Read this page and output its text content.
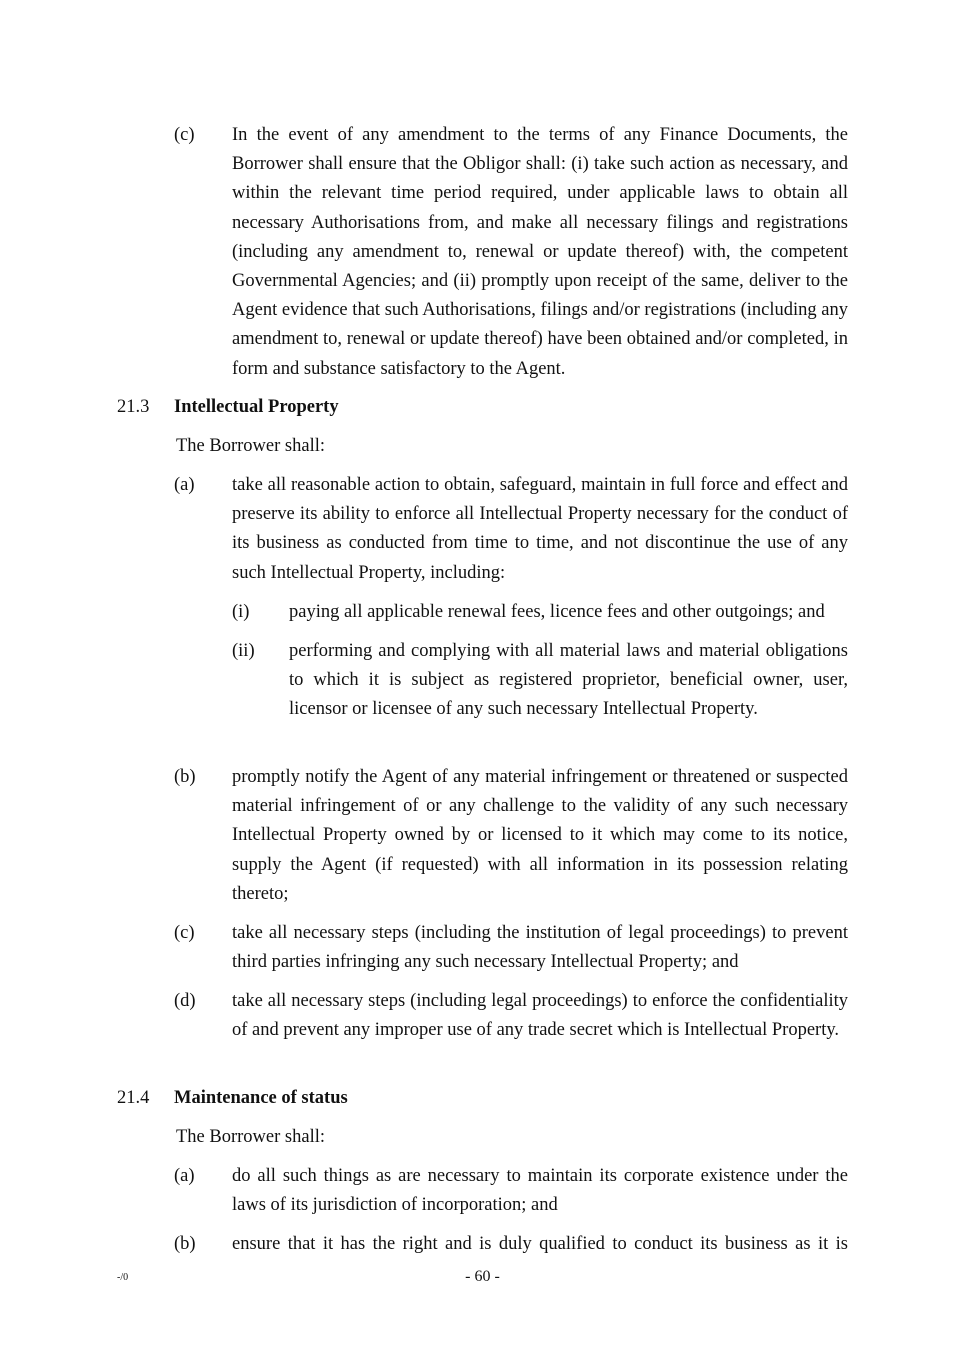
(c) In the event of any amendment to the terms of any Finance Documents, the Borrower shall ensure that the Obligor shall: (i) take such action as necessary, and within the relevant time period required, under applicable laws to obtain all necessary Authorisations from, and make all necessary filings and registrations (including any amendment to, renewal or update thereof) with, the competent Governmental Agencies; and (ii) promptly upon receipt of the same, deliver to the Agent evidence that such Authorisations, filings and/or registrations (including any amendment to, renewal or update thereof) have been obtained and/or completed, in form and substance satisfactory to the Agent.
21.3 Intellectual Property
The Borrower shall:
(a) take all reasonable action to obtain, safeguard, maintain in full force and effect and preserve its ability to enforce all Intellectual Property necessary for the conduct of its business as conducted from time to time, and not discontinue the use of any such Intellectual Property, including:
(i) paying all applicable renewal fees, licence fees and other outgoings; and
(ii) performing and complying with all material laws and material obligations to which it is subject as registered proprietor, beneficial owner, user, licensor or licensee of any such necessary Intellectual Property.
(b) promptly notify the Agent of any material infringement or threatened or suspected material infringement of or any challenge to the validity of any such necessary Intellectual Property owned by or licensed to it which may come to its notice, supply the Agent (if requested) with all information in its possession relating thereto;
(c) take all necessary steps (including the institution of legal proceedings) to prevent third parties infringing any such necessary Intellectual Property; and
(d) take all necessary steps (including legal proceedings) to enforce the confidentiality of and prevent any improper use of any trade secret which is Intellectual Property.
21.4 Maintenance of status
The Borrower shall:
(a) do all such things as are necessary to maintain its corporate existence under the laws of its jurisdiction of incorporation; and
(b) ensure that it has the right and is duly qualified to conduct its business as it is
-/0	- 60 -
